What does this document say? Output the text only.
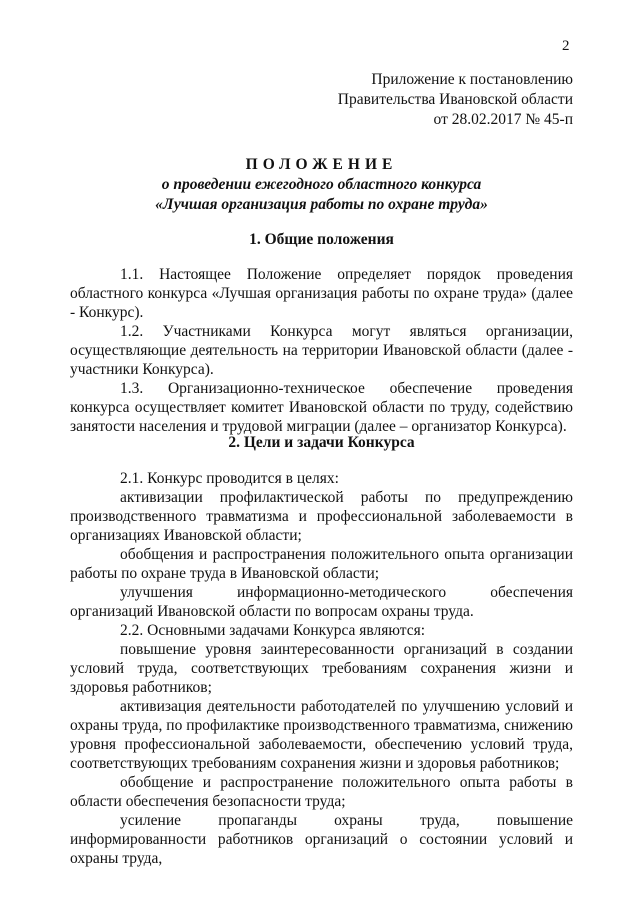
2
Приложение к постановлению
Правительства Ивановской области
от 28.02.2017 № 45-п
ПОЛОЖЕНИЕ
о проведении ежегодного областного конкурса
«Лучшая организация работы по охране труда»
1. Общие положения
1.1. Настоящее Положение определяет порядок проведения областного конкурса «Лучшая организация работы по охране труда» (далее - Конкурс).
1.2. Участниками Конкурса могут являться организации, осуществляющие деятельность на территории Ивановской области (далее - участники Конкурса).
1.3. Организационно-техническое обеспечение проведения конкурса осуществляет комитет Ивановской области по труду, содействию занятости населения и трудовой миграции (далее – организатор Конкурса).
2. Цели и задачи Конкурса
2.1. Конкурс проводится в целях:
активизации профилактической работы по предупреждению производственного травматизма и профессиональной заболеваемости в организациях Ивановской области;
обобщения и распространения положительного опыта организации работы по охране труда в Ивановской области;
улучшения информационно-методического обеспечения организаций Ивановской области по вопросам охраны труда.
2.2. Основными задачами Конкурса являются:
повышение уровня заинтересованности организаций в создании условий труда, соответствующих требованиям сохранения жизни и здоровья работников;
активизация деятельности работодателей по улучшению условий и охраны труда, по профилактике производственного травматизма, снижению уровня профессиональной заболеваемости, обеспечению условий труда, соответствующих требованиям сохранения жизни и здоровья работников;
обобщение и распространение положительного опыта работы в области обеспечения безопасности труда;
усиление пропаганды охраны труда, повышение информированности работников организаций о состоянии условий и охраны труда,
